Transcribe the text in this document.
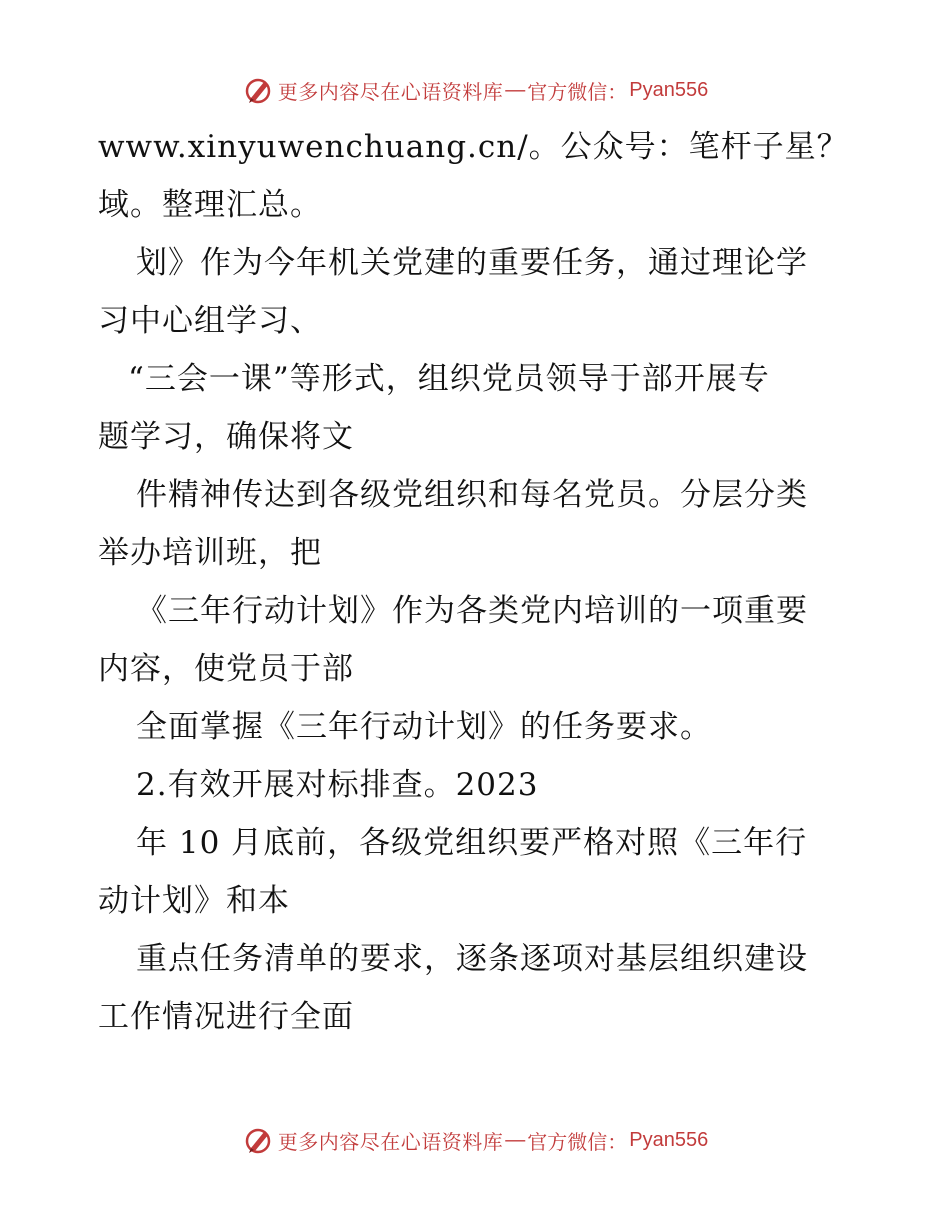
更多内容尽在心语资料库 — 官方微信： Pyan556
www.xinyuwenchuang.cn/。公众号：笔杆子星？
域。整理汇总。
划》作为今年机关党建的重要任务，通过理论学
习中心组学习、
“三会一课”等形式，组织党员领导于部开展专
题学习，确保将文
件精神传达到各级党组织和每名党员。分层分类
举办培训班，把
《三年行动计划》作为各类党内培训的一项重要
内容，使党员于部
全面掌握《三年行动计划》的任务要求。
2.有效开展对标排查。2023
年 10 月底前，各级党组织要严格对照《三年行
动计划》和本
重点任务清单的要求，逐条逐项对基层组织建设
工作情况进行全面
更多内容尽在心语资料库 — 官方微信： Pyan556
